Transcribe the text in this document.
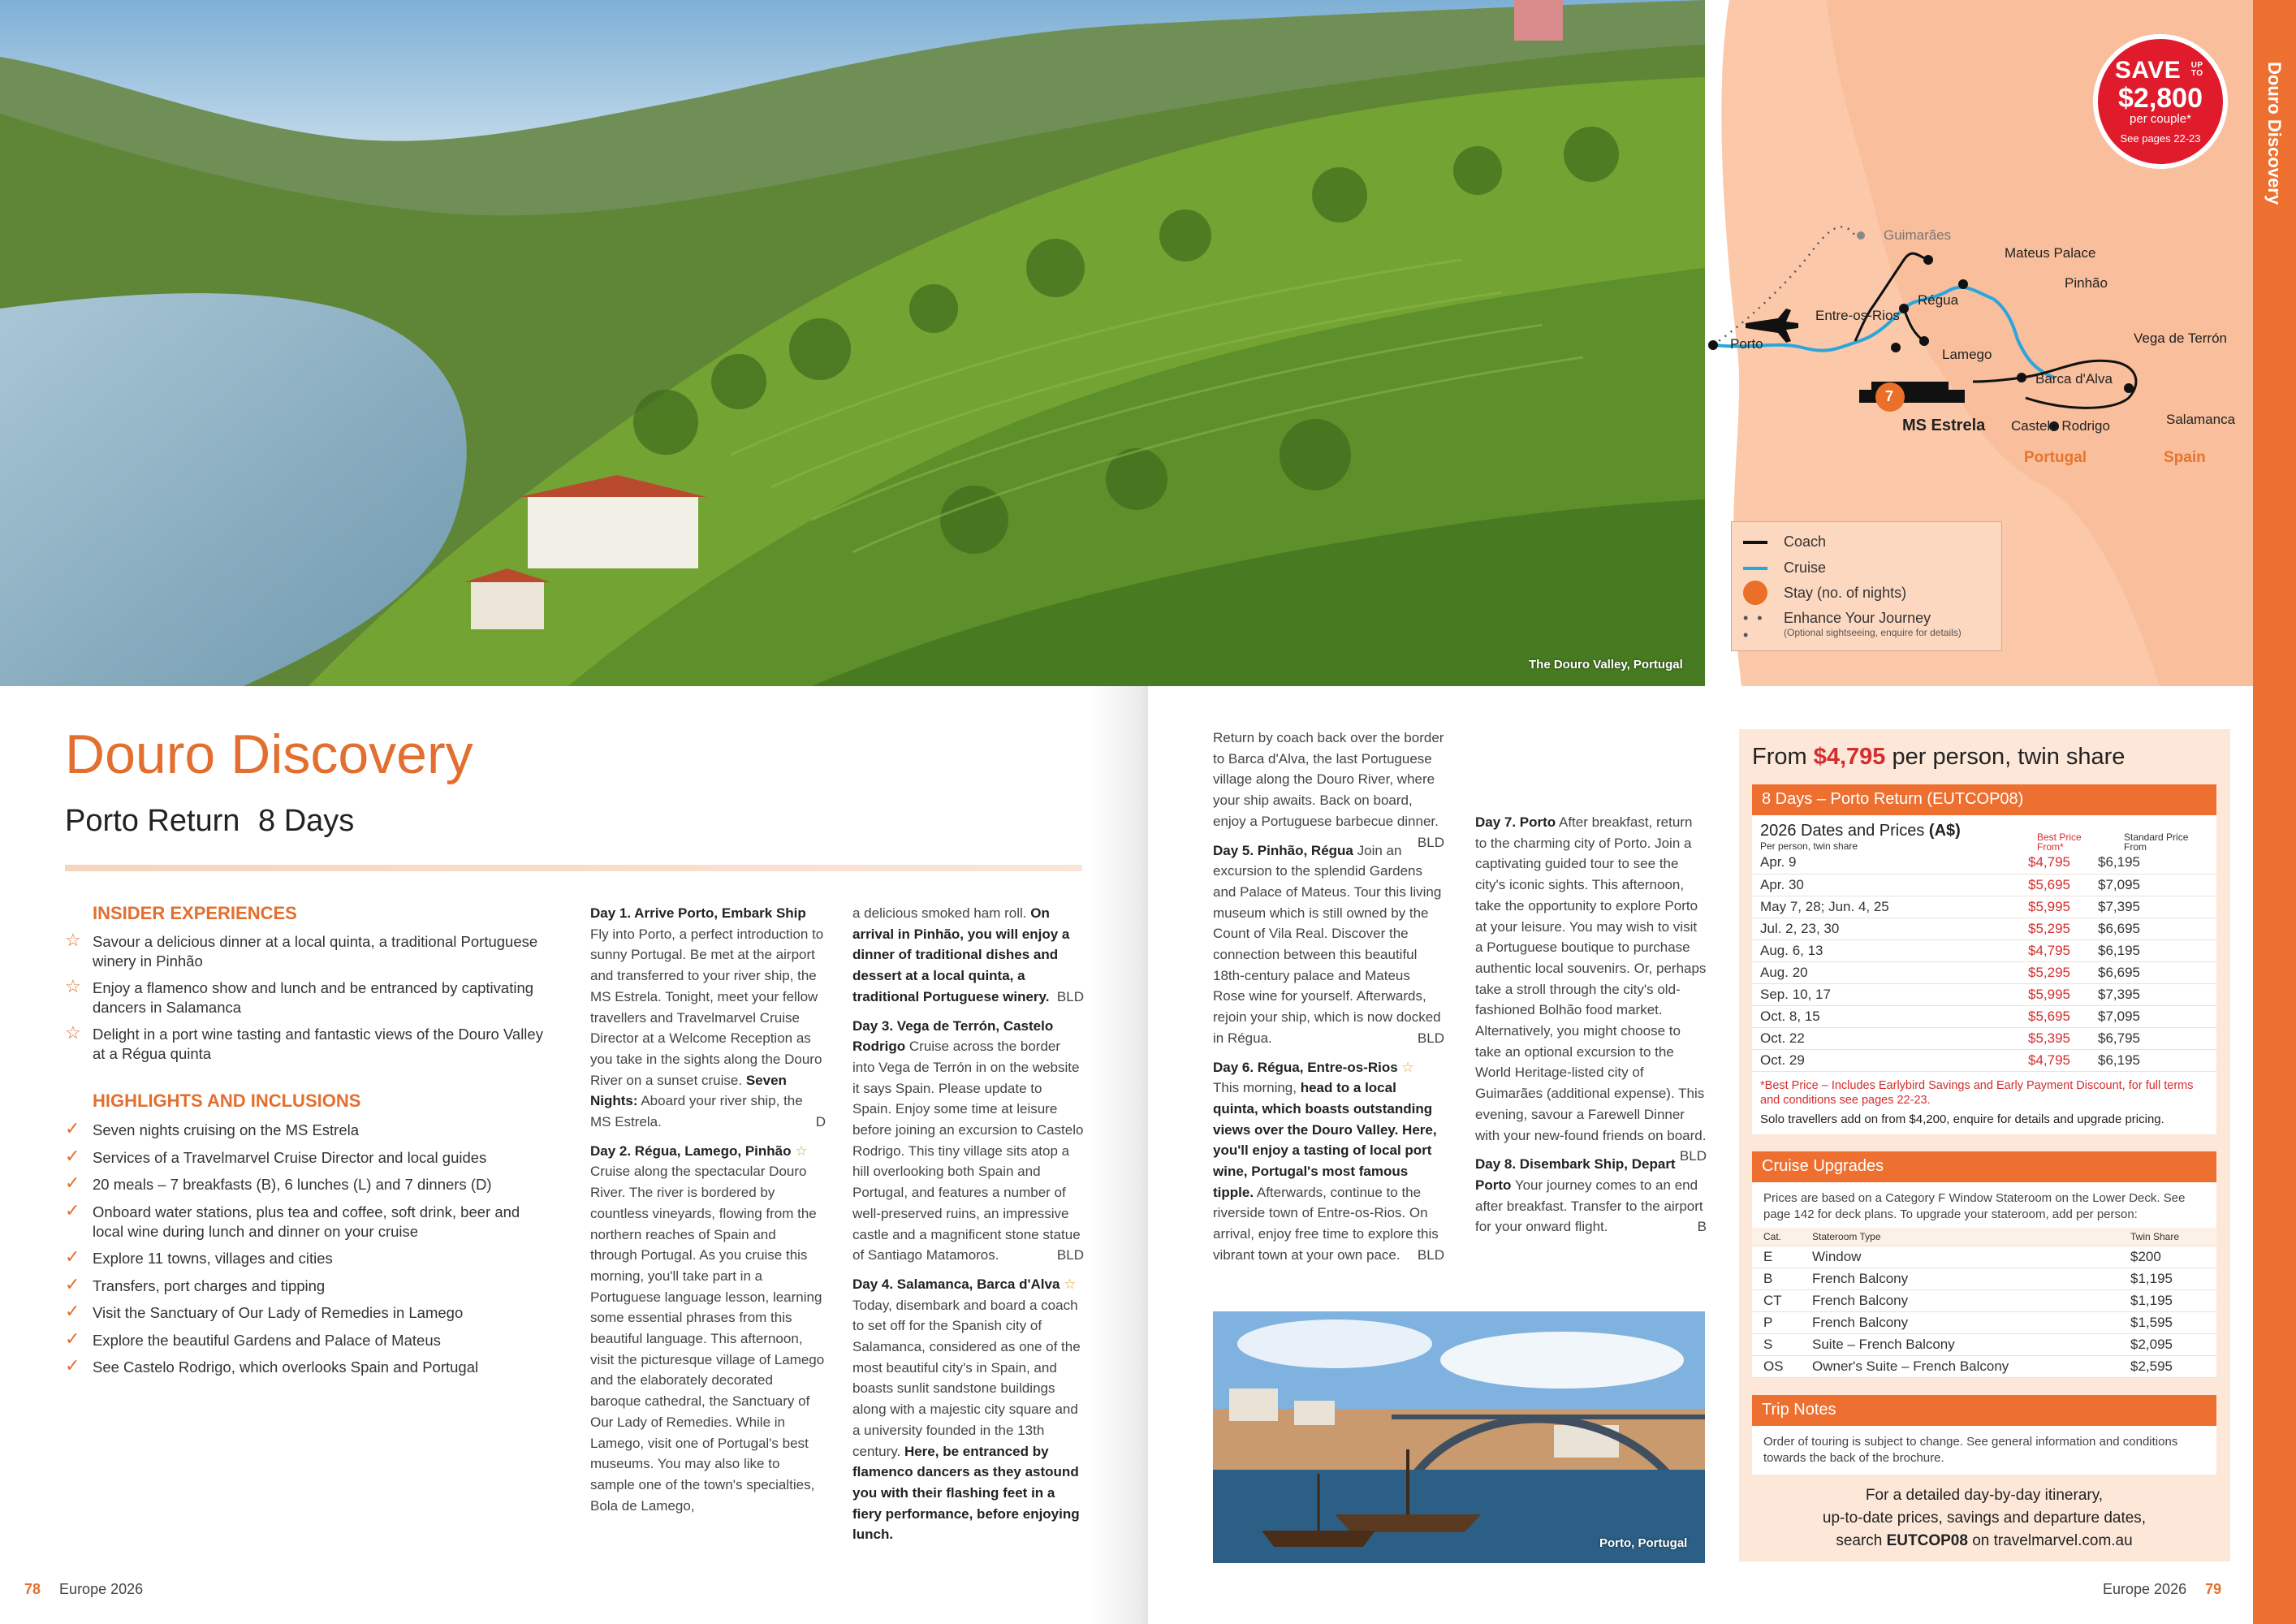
The Douro Valley, Portugal
Guimarães
Mateus Palace
Pinhão
Régua
Entre-os-Rios
Porto
Lamego
Vega de Terrón
Barca d'Alva
MS Estrela Castelo Rodrigo	Salamanca
7
Portugal	Spain
SAVE UP TO
$2,800
per couple*
See pages 22-23
Coach
Cruise
Stay (no. of nights)
• • •
Enhance Your Journey
(Optional sightseeing, enquire for details)
Douro Discovery
Douro Discovery
Porto Return 8 Days
INSIDER EXPERIENCES
☆ Savour a delicious dinner at a local quinta, a traditional Portuguese winery in Pinhão
☆ Enjoy a flamenco show and lunch and be entranced by captivating dancers in Salamanca
☆ Delight in a port wine tasting and fantastic views of the Douro Valley at a Régua quinta
HIGHLIGHTS AND INCLUSIONS
✓ Seven nights cruising on the MS Estrela
✓ Services of a Travelmarvel Cruise Director and local guides
✓ 20 meals – 7 breakfasts (B), 6 lunches (L) and 7 dinners (D)
✓ Onboard water stations, plus tea and coffee, soft drink, beer and local wine during lunch and dinner on your cruise
✓ Explore 11 towns, villages and cities
✓ Transfers, port charges and tipping
✓ Visit the Sanctuary of Our Lady of Remedies in Lamego
✓ Explore the beautiful Gardens and Palace of Mateus
✓ See Castelo Rodrigo, which overlooks Spain and Portugal

Day 1. Arrive Porto, Embark Ship
Fly into Porto, a perfect introduction to sunny Portugal. Be met at the airport and transferred to your river ship, the MS Estrela. Tonight, meet your fellow travellers and Travelmarvel Cruise Director at a Welcome Reception as you take in the sights along the Douro River on a sunset cruise. Seven Nights: Aboard your river ship, the MS Estrela.	D

Day 2. Régua, Lamego, Pinhão ☆
Cruise along the spectacular Douro River. The river is bordered by countless vineyards, flowing from the northern reaches of Spain and through Portugal. As you cruise this morning, you'll take part in a Portuguese language lesson, learning some essential phrases from this beautiful language. This afternoon, visit the picturesque village of Lamego and the elaborately decorated baroque cathedral, the Sanctuary of Our Lady of Remedies. While in Lamego, visit one of Portugal's best museums. You may also like to sample one of the town's specialties, Bola de Lamego,

a delicious smoked ham roll. On arrival in Pinhão, you will enjoy a dinner of traditional dishes and dessert at a local quinta, a traditional Portuguese winery. BLD

Day 3. Vega de Terrón, Castelo Rodrigo Cruise across the border into Vega de Terrón in on the website it says Spain. Please update to Spain. Enjoy some time at leisure before joining an excursion to Castelo Rodrigo. This tiny village sits atop a hill overlooking both Spain and Portugal, and features a number of well-preserved ruins, an impressive castle and a magnificent stone statue of Santiago Matamoros.	BLD

Day 4. Salamanca, Barca d'Alva ☆
Today, disembark and board a coach to set off for the Spanish city of Salamanca, considered as one of the most beautiful city's in Spain, and boasts sunlit sandstone buildings along with a majestic city square and a university founded in the 13th century. Here, be entranced by flamenco dancers as they astound you with their flashing feet in a fiery performance, before enjoying lunch.

Return by coach back over the border to Barca d'Alva, the last Portuguese village along the Douro River, where your ship awaits. Back on board, enjoy a Portuguese barbecue dinner.
BLD

Day 5. Pinhão, Régua Join an excursion to the splendid Gardens and Palace of Mateus. Tour this living museum which is still owned by the Count of Vila Real. Discover the connection between this beautiful 18th-century palace and Mateus Rose wine for yourself. Afterwards, rejoin your ship, which is now docked in Régua.	BLD

Day 6. Régua, Entre-os-Rios ☆
This morning, head to a local quinta, which boasts outstanding views over the Douro Valley. Here, you'll enjoy a tasting of local port wine, Portugal's most famous tipple. Afterwards, continue to the riverside town of Entre-os-Rios. On arrival, enjoy free time to explore this vibrant town at your own pace. BLD

Day 7. Porto After breakfast, return to the charming city of Porto. Join a captivating guided tour to see the city's iconic sights. This afternoon, take the opportunity to explore Porto at your leisure. You may wish to visit a Portuguese boutique to purchase authentic local souvenirs. Or, perhaps take a stroll through the city's old-fashioned Bolhão food market. Alternatively, you might choose to take an optional excursion to the World Heritage-listed city of Guimarães (additional expense). This evening, savour a Farewell Dinner with your new-found friends on board.
BLD

Day 8. Disembark Ship, Depart Porto Your journey comes to an end after breakfast. Transfer to the airport for your onward flight.	B

Porto, Portugal
From $4,795 per person, twin share
8 Days – Porto Return (EUTCOP08)
2026 Dates and Prices (A$)
Per person, twin share
Best Price From*
Standard Price From
Apr. 9	$4,795	$6,195
Apr. 30	$5,695	$7,095
May 7, 28; Jun. 4, 25	$5,995	$7,395
Jul. 2, 23, 30	$5,295	$6,695
Aug. 6, 13	$4,795	$6,195
Aug. 20	$5,295	$6,695
Sep. 10, 17	$5,995	$7,395
Oct. 8, 15	$5,695	$7,095
Oct. 22	$5,395	$6,795
Oct. 29	$4,795	$6,195
*Best Price – Includes Earlybird Savings and Early Payment Discount, for full terms and conditions see pages 22-23.
Solo travellers add on from $4,200, enquire for details and upgrade pricing.
Cruise Upgrades
Prices are based on a Category F Window Stateroom on the Lower Deck. See page 142 for deck plans. To upgrade your stateroom, add per person:
Cat.	Stateroom Type	Twin Share
E	Window	$200
B	French Balcony	$1,195
CT	French Balcony	$1,195
P	French Balcony	$1,595
S	Suite – French Balcony	$2,095
OS	Owner's Suite – French Balcony	$2,595
Trip Notes
Order of touring is subject to change. See general information and conditions towards the back of the brochure.
For a detailed day-by-day itinerary,
up-to-date prices, savings and departure dates,
search EUTCOP08 on travelmarvel.com.au
78 Europe 2026	Europe 2026 79
